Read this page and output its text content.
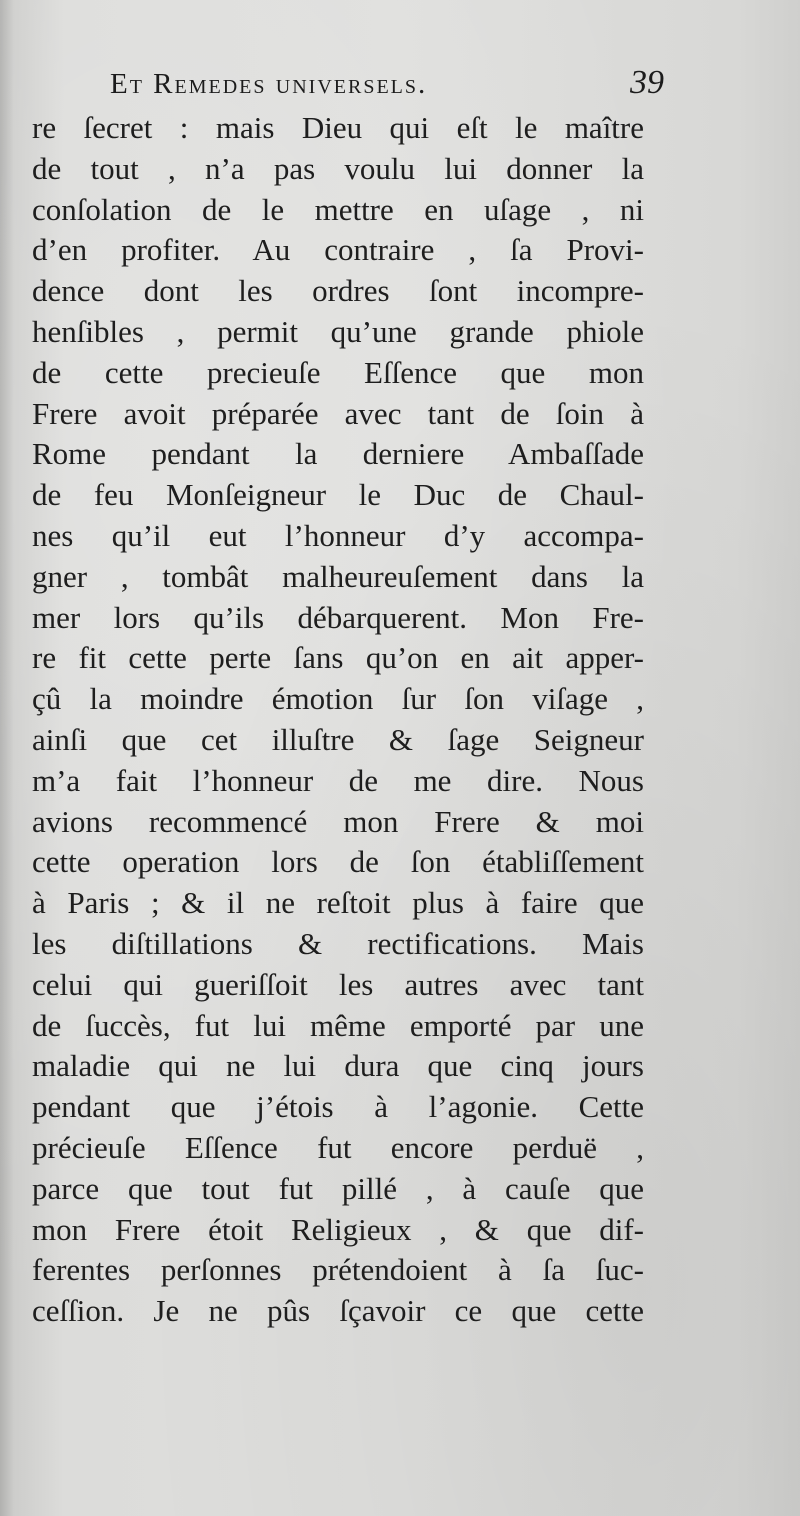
Et Remedes universels.	39
re ſecret : mais Dieu qui eſt le maître
de tout , n’a pas voulu lui donner la
conſolation de le mettre en uſage , ni
d’en profiter. Au contraire , ſa Provi-
dence dont les ordres ſont incompre-
henſibles , permit qu’une grande phiole
de cette precieuſe Eſſence que mon
Frere avoit préparée avec tant de ſoin à
Rome pendant la derniere Ambaſſade
de feu Monſeigneur le Duc de Chaul-
nes qu’il eut l’honneur d’y accompa-
gner , tombât malheureuſement dans la
mer lors qu’ils débarquerent. Mon Fre-
re fit cette perte ſans qu’on en ait apper-
çû la moindre émotion ſur ſon viſage ,
ainſi que cet illuſtre & ſage Seigneur
m’a fait l’honneur de me dire. Nous
avions recommencé mon Frere & moi
cette operation lors de ſon établiſſement
à Paris ; & il ne reſtoit plus à faire que
les diſtillations & rectifications. Mais
celui qui gueriſſoit les autres avec tant
de ſuccès, fut lui même emporté par une
maladie qui ne lui dura que cinq jours
pendant que j’étois à l’agonie. Cette
précieuſe Eſſence fut encore perduë ,
parce que tout fut pillé , à cauſe que
mon Frere étoit Religieux , & que dif-
ferentes perſonnes prétendoient à ſa ſuc-
ceſſion. Je ne pûs ſçavoir ce que cette
